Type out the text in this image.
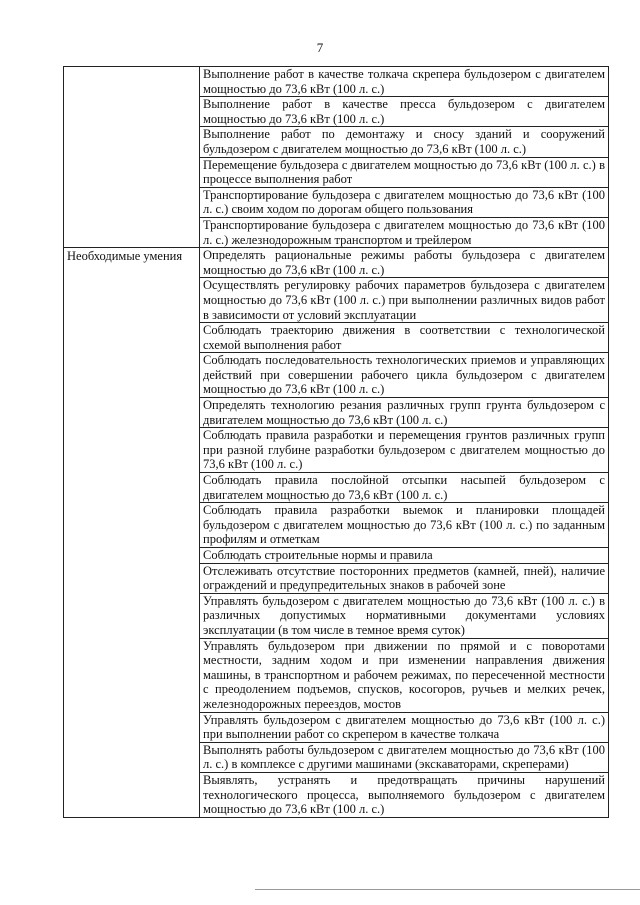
7
	Выполнение работ в качестве толкача скрепера бульдозером с двигателем мощностью до 73,6 кВт (100 л. с.)
	Выполнение работ в качестве пресса бульдозером с двигателем мощностью до 73,6 кВт (100 л. с.)
	Выполнение работ по демонтажу и сносу зданий и сооружений бульдозером с двигателем мощностью до 73,6 кВт (100 л. с.)
	Перемещение бульдозера с двигателем мощностью до 73,6 кВт (100 л. с.) в процессе выполнения работ
	Транспортирование бульдозера с двигателем мощностью до 73,6 кВт (100 л. с.) своим ходом по дорогам общего пользования
	Транспортирование бульдозера с двигателем мощностью до 73,6 кВт (100 л. с.) железнодорожным транспортом и трейлером
Необходимые умения	Определять рациональные режимы работы бульдозера с двигателем мощностью до 73,6 кВт (100 л. с.)
	Осуществлять регулировку рабочих параметров бульдозера с двигателем мощностью до 73,6 кВт (100 л. с.) при выполнении различных видов работ в зависимости от условий эксплуатации
	Соблюдать траекторию движения в соответствии с технологической схемой выполнения работ
	Соблюдать последовательность технологических приемов и управляющих действий при совершении рабочего цикла бульдозером с двигателем мощностью до 73,6 кВт (100 л. с.)
	Определять технологию резания различных групп грунта бульдозером с двигателем мощностью до 73,6 кВт (100 л. с.)
	Соблюдать правила разработки и перемещения грунтов различных групп при разной глубине разработки бульдозером с двигателем мощностью до 73,6 кВт (100 л. с.)
	Соблюдать правила послойной отсыпки насыпей бульдозером с двигателем мощностью до 73,6 кВт (100 л. с.)
	Соблюдать правила разработки выемок и планировки площадей бульдозером с двигателем мощностью до 73,6 кВт (100 л. с.) по заданным профилям и отметкам
	Соблюдать строительные нормы и правила
	Отслеживать отсутствие посторонних предметов (камней, пней), наличие ограждений и предупредительных знаков в рабочей зоне
	Управлять бульдозером с двигателем мощностью до 73,6 кВт (100 л. с.) в различных допустимых нормативными документами условиях эксплуатации (в том числе в темное время суток)
	Управлять бульдозером при движении по прямой и с поворотами местности, задним ходом и при изменении направления движения машины, в транспортном и рабочем режимах, по пересеченной местности с преодолением подъемов, спусков, косогоров, ручьев и мелких речек, железнодорожных переездов, мостов
	Управлять бульдозером с двигателем мощностью до 73,6 кВт (100 л. с.) при выполнении работ со скрепером в качестве толкача
	Выполнять работы бульдозером с двигателем мощностью до 73,6 кВт (100 л. с.) в комплексе с другими машинами (экскаваторами, скреперами)
	Выявлять, устранять и предотвращать причины нарушений технологического процесса, выполняемого бульдозером с двигателем мощностью до 73,6 кВт (100 л. с.)
